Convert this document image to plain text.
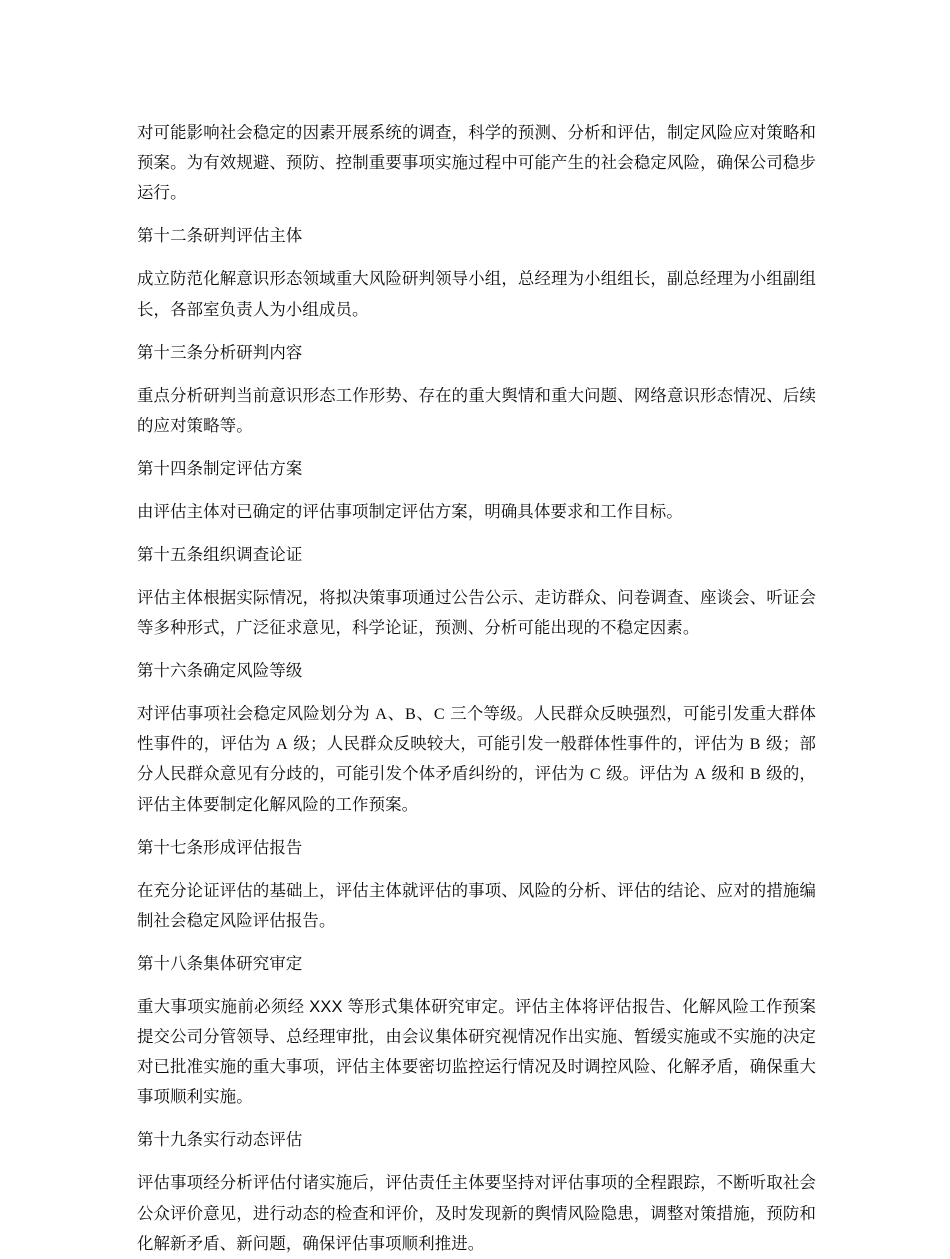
对可能影响社会稳定的因素开展系统的调查，科学的预测、分析和评估，制定风险应对策略和预案。为有效规避、预防、控制重要事项实施过程中可能产生的社会稳定风险，确保公司稳步运行。

第十二条研判评估主体

成立防范化解意识形态领域重大风险研判领导小组，总经理为小组组长，副总经理为小组副组长，各部室负责人为小组成员。

第十三条分析研判内容

重点分析研判当前意识形态工作形势、存在的重大舆情和重大问题、网络意识形态情况、后续的应对策略等。

第十四条制定评估方案

由评估主体对已确定的评估事项制定评估方案，明确具体要求和工作目标。

第十五条组织调查论证

评估主体根据实际情况，将拟决策事项通过公告公示、走访群众、问卷调查、座谈会、听证会等多种形式，广泛征求意见，科学论证，预测、分析可能出现的不稳定因素。

第十六条确定风险等级

对评估事项社会稳定风险划分为 A、B、C 三个等级。人民群众反映强烈，可能引发重大群体性事件的，评估为 A 级；人民群众反映较大，可能引发一般群体性事件的，评估为 B 级；部分人民群众意见有分歧的，可能引发个体矛盾纠纷的，评估为 C 级。评估为 A 级和 B 级的，评估主体要制定化解风险的工作预案。

第十七条形成评估报告

在充分论证评估的基础上，评估主体就评估的事项、风险的分析、评估的结论、应对的措施编制社会稳定风险评估报告。

第十八条集体研究审定

重大事项实施前必须经 XXX 等形式集体研究审定。评估主体将评估报告、化解风险工作预案提交公司分管领导、总经理审批，由会议集体研究视情况作出实施、暂缓实施或不实施的决定对已批准实施的重大事项，评估主体要密切监控运行情况及时调控风险、化解矛盾，确保重大事项顺利实施。

第十九条实行动态评估

评估事项经分析评估付诸实施后，评估责任主体要坚持对评估事项的全程跟踪，不断听取社会公众评价意见，进行动态的检查和评价，及时发现新的舆情风险隐患，调整对策措施，预防和化解新矛盾、新问题，确保评估事项顺利推进。
